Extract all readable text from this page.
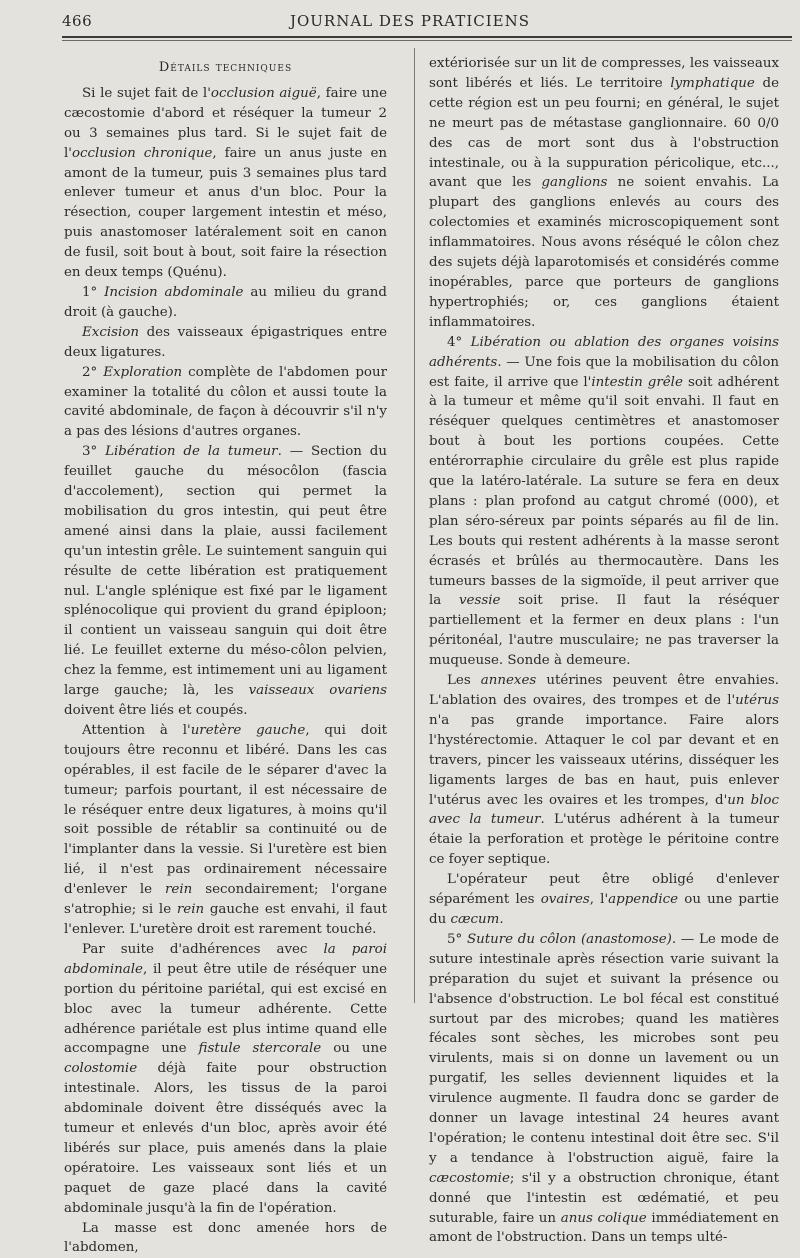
466	JOURNAL DES PRATICIENS
Détails techniques

Si le sujet fait de l'occlusion aiguë, faire une cæcostomie d'abord et réséquer la tumeur 2 ou 3 semaines plus tard. Si le sujet fait de l'occlusion chronique, faire un anus juste en amont de la tumeur, puis 3 semaines plus tard enlever tumeur et anus d'un bloc. Pour la résection, couper largement intestin et méso, puis anastomoser latéralement soit en canon de fusil, soit bout à bout, soit faire la résection en deux temps (Quénu).

1° Incision abdominale au milieu du grand droit (à gauche).

Excision des vaisseaux épigastriques entre deux ligatures.

2° Exploration complète de l'abdomen pour examiner la totalité du côlon et aussi toute la cavité abdominale, de façon à découvrir s'il n'y a pas des lésions d'autres organes.

3° Libération de la tumeur. — Section du feuillet gauche du mésocôlon (fascia d'accolement), section qui permet la mobilisation du gros intestin, qui peut être amené ainsi dans la plaie, aussi facilement qu'un intestin grêle. Le suintement sanguin qui résulte de cette libération est pratiquement nul. L'angle splénique est fixé par le ligament splénocolique qui provient du grand épiploon; il contient un vaisseau sanguin qui doit être lié. Le feuillet externe du méso-côlon pelvien, chez la femme, est intimement uni au ligament large gauche; là, les vaisseaux ovariens doivent être liés et coupés.

Attention à l'uretère gauche, qui doit toujours être reconnu et libéré. Dans les cas opérables, il est facile de le séparer d'avec la tumeur; parfois pourtant, il est nécessaire de le réséquer entre deux ligatures, à moins qu'il soit possible de rétablir sa continuité ou de l'implanter dans la vessie. Si l'uretère est bien lié, il n'est pas ordinairement nécessaire d'enlever le rein secondairement; l'organe s'atrophie; si le rein gauche est envahi, il faut l'enlever. L'uretère droit est rarement touché.

Par suite d'adhérences avec la paroi abdominale, il peut être utile de réséquer une portion du péritoine pariétal, qui est excisé en bloc avec la tumeur adhérente. Cette adhérence pariétale est plus intime quand elle accompagne une fistule stercorale ou une colostomie déjà faite pour obstruction intestinale. Alors, les tissus de la paroi abdominale doivent être disséqués avec la tumeur et enlevés d'un bloc, après avoir été libérés sur place, puis amenés dans la plaie opératoire. Les vaisseaux sont liés et un paquet de gaze placé dans la cavité abdominale jusqu'à la fin de l'opération.

La masse est donc amenée hors de l'abdomen,

extériorisée sur un lit de compresses, les vaisseaux sont libérés et liés. Le territoire lymphatique de cette région est un peu fourni; en général, le sujet ne meurt pas de métastase ganglionnaire. 60 0/0 des cas de mort sont dus à l'obstruction intestinale, ou à la suppuration péricolique, etc..., avant que les ganglions ne soient envahis. La plupart des ganglions enlevés au cours des colectomies et examinés microscopiquement sont inflammatoires. Nous avons réséqué le côlon chez des sujets déjà laparotomisés et considérés comme inopérables, parce que porteurs de ganglions hypertrophiés; or, ces ganglions étaient inflammatoires.

4° Libération ou ablation des organes voisins adhérents. — Une fois que la mobilisation du côlon est faite, il arrive que l'intestin grêle soit adhérent à la tumeur et même qu'il soit envahi. Il faut en réséquer quelques centimètres et anastomoser bout à bout les portions coupées. Cette entérorraphie circulaire du grêle est plus rapide que la latéro-latérale. La suture se fera en deux plans : plan profond au catgut chromé (000), et plan séro-séreux par points séparés au fil de lin. Les bouts qui restent adhérents à la masse seront écrasés et brûlés au thermocautère. Dans les tumeurs basses de la sigmoïde, il peut arriver que la vessie soit prise. Il faut la réséquer partiellement et la fermer en deux plans : l'un péritonéal, l'autre musculaire; ne pas traverser la muqueuse. Sonde à demeure.

Les annexes utérines peuvent être envahies. L'ablation des ovaires, des trompes et de l'utérus n'a pas grande importance. Faire alors l'hystérectomie. Attaquer le col par devant et en travers, pincer les vaisseaux utérins, disséquer les ligaments larges de bas en haut, puis enlever l'utérus avec les ovaires et les trompes, d'un bloc avec la tumeur. L'utérus adhérent à la tumeur étaie la perforation et protège le péritoine contre ce foyer septique.

L'opérateur peut être obligé d'enlever séparément les ovaires, l'appendice ou une partie du cæcum.

5° Suture du côlon (anastomose). — Le mode de suture intestinale après résection varie suivant la préparation du sujet et suivant la présence ou l'absence d'obstruction. Le bol fécal est constitué surtout par des microbes; quand les matières fécales sont sèches, les microbes sont peu virulents, mais si on donne un lavement ou un purgatif, les selles deviennent liquides et la virulence augmente. Il faudra donc se garder de donner un lavage intestinal 24 heures avant l'opération; le contenu intestinal doit être sec. S'il y a tendance à l'obstruction aiguë, faire la cæcostomie; s'il y a obstruction chronique, étant donné que l'intestin est œdématié, et peu suturable, faire un anus colique immédiatement en amont de l'obstruction. Dans un temps ulté-
